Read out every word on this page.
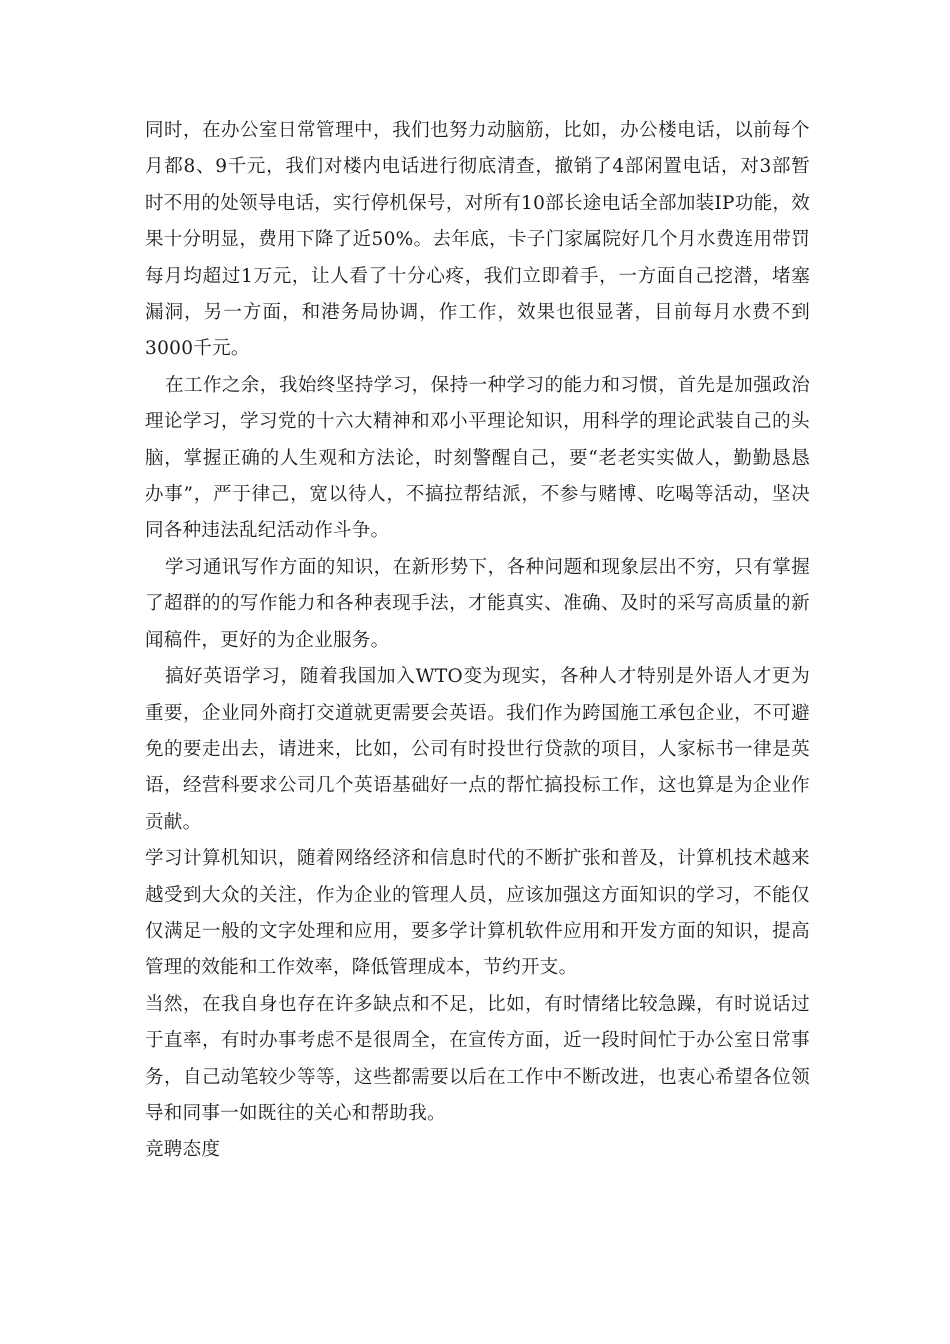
同时，在办公室日常管理中，我们也努力动脑筋，比如，办公楼电话，以前每个月都8、9千元，我们对楼内电话进行彻底清查，撤销了4部闲置电话，对3部暂时不用的处领导电话，实行停机保号，对所有10部长途电话全部加装IP功能，效果十分明显，费用下降了近50%。去年底，卡子门家属院好几个月水费连用带罚每月均超过1万元，让人看了十分心疼，我们立即着手，一方面自己挖潜，堵塞漏洞，另一方面，和港务局协调，作工作，效果也很显著，目前每月水费不到3000千元。

在工作之余，我始终坚持学习，保持一种学习的能力和习惯，首先是加强政治理论学习，学习党的十六大精神和邓小平理论知识，用科学的理论武装自己的头脑，掌握正确的人生观和方法论，时刻警醒自己，要“老老实实做人，勤勤恳恳办事”，严于律己，宽以待人，不搞拉帮结派，不参与赌博、吃喝等活动，坚决同各种违法乱纪活动作斗争。

学习通讯写作方面的知识，在新形势下，各种问题和现象层出不穷，只有掌握了超群的的写作能力和各种表现手法，才能真实、准确、及时的采写高质量的新闻稿件，更好的为企业服务。

搞好英语学习，随着我国加入WTO变为现实，各种人才特别是外语人才更为重要，企业同外商打交道就更需要会英语。我们作为跨国施工承包企业，不可避免的要走出去，请进来，比如，公司有时投世行贷款的项目，人家标书一律是英语，经营科要求公司几个英语基础好一点的帮忙搞投标工作，这也算是为企业作贡献。

学习计算机知识，随着网络经济和信息时代的不断扩张和普及，计算机技术越来越受到大众的关注，作为企业的管理人员，应该加强这方面知识的学习，不能仅仅满足一般的文字处理和应用，要多学计算机软件应用和开发方面的知识，提高管理的效能和工作效率，降低管理成本，节约开支。

当然，在我自身也存在许多缺点和不足，比如，有时情绪比较急躁，有时说话过于直率，有时办事考虑不是很周全，在宣传方面，近一段时间忙于办公室日常事务，自己动笔较少等等，这些都需要以后在工作中不断改进，也衷心希望各位领导和同事一如既往的关心和帮助我。

竞聘态度
